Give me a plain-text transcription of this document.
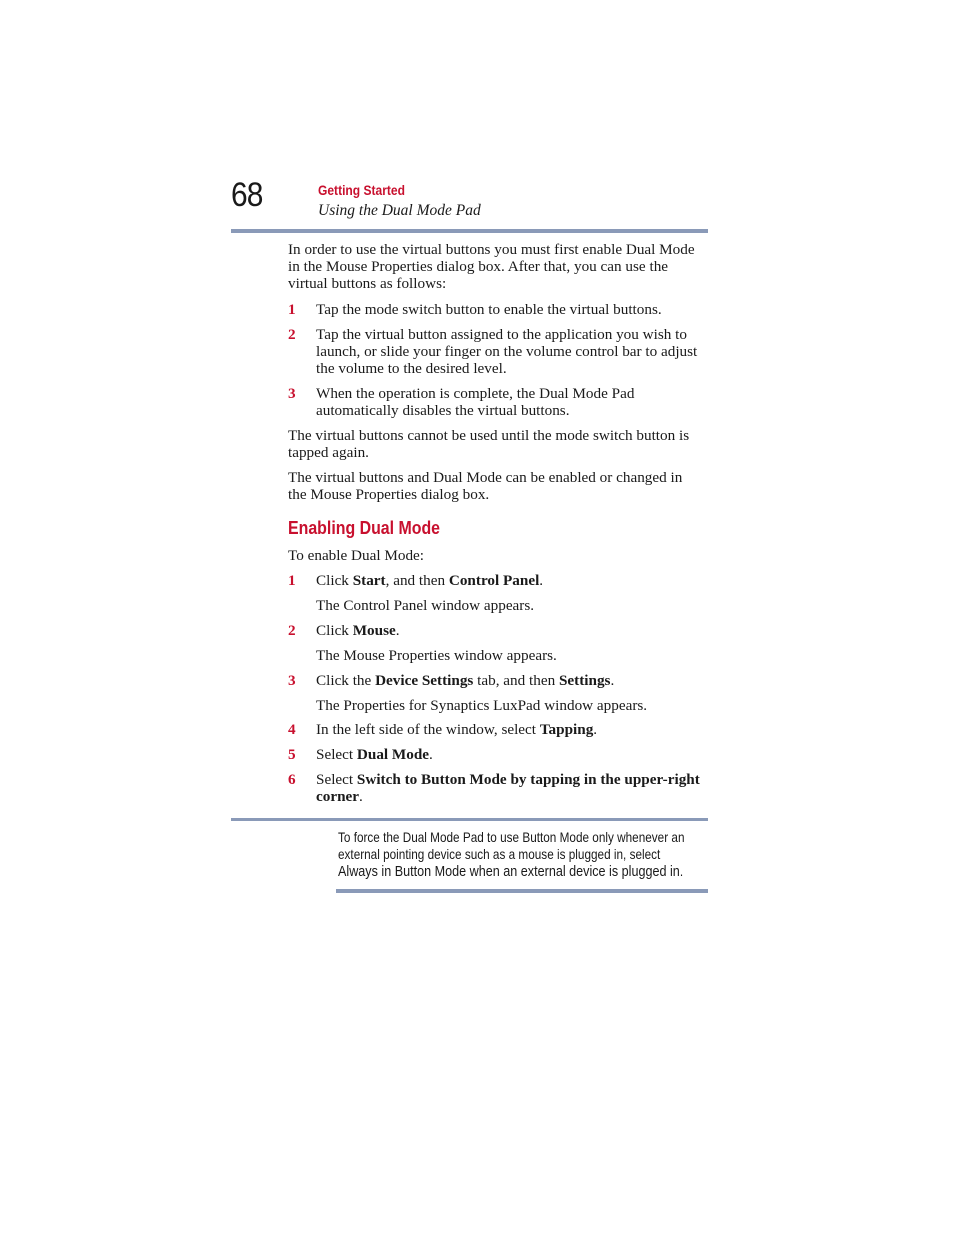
68	Getting Started
Using the Dual Mode Pad
In order to use the virtual buttons you must first enable Dual Mode in the Mouse Properties dialog box. After that, you can use the virtual buttons as follows:
1 Tap the mode switch button to enable the virtual buttons.
2 Tap the virtual button assigned to the application you wish to launch, or slide your finger on the volume control bar to adjust the volume to the desired level.
3 When the operation is complete, the Dual Mode Pad automatically disables the virtual buttons.
The virtual buttons cannot be used until the mode switch button is tapped again.
The virtual buttons and Dual Mode can be enabled or changed in the Mouse Properties dialog box.
Enabling Dual Mode
To enable Dual Mode:
1 Click Start, and then Control Panel.
The Control Panel window appears.
2 Click Mouse.
The Mouse Properties window appears.
3 Click the Device Settings tab, and then Settings.
The Properties for Synaptics LuxPad window appears.
4 In the left side of the window, select Tapping.
5 Select Dual Mode.
6 Select Switch to Button Mode by tapping in the upper-right corner.
To force the Dual Mode Pad to use Button Mode only whenever an external pointing device such as a mouse is plugged in, select Always in Button Mode when an external device is plugged in.
